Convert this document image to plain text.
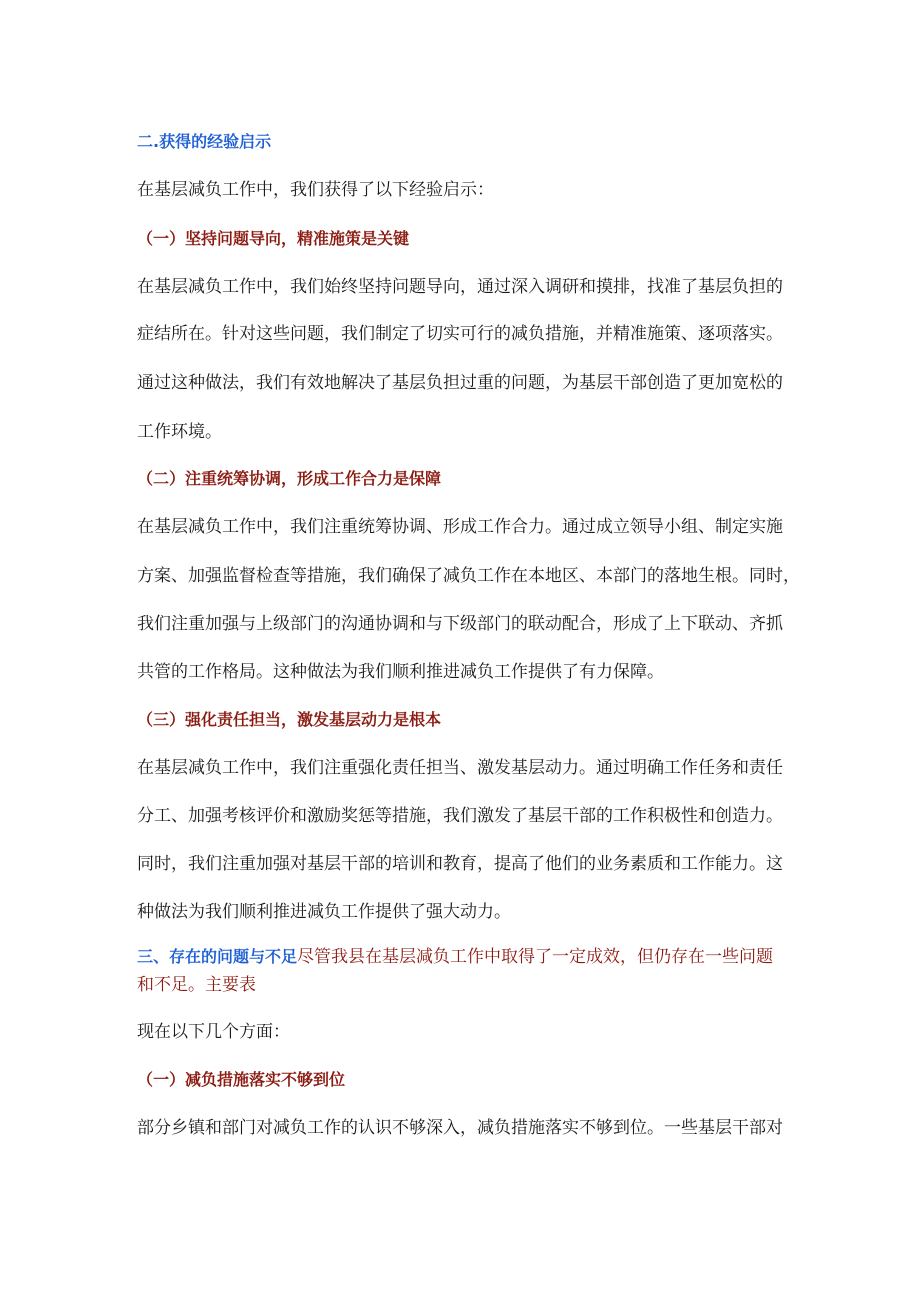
二.获得的经验启示
在基层减负工作中，我们获得了以下经验启示：
（一）坚持问题导向，精准施策是关键
在基层减负工作中，我们始终坚持问题导向，通过深入调研和摸排，找准了基层负担的
症结所在。针对这些问题，我们制定了切实可行的减负措施，并精准施策、逐项落实。
通过这种做法，我们有效地解决了基层负担过重的问题，为基层干部创造了更加宽松的
工作环境。
（二）注重统筹协调，形成工作合力是保障
在基层减负工作中，我们注重统筹协调、形成工作合力。通过成立领导小组、制定实施
方案、加强监督检查等措施，我们确保了减负工作在本地区、本部门的落地生根。同时，
我们注重加强与上级部门的沟通协调和与下级部门的联动配合，形成了上下联动、齐抓
共管的工作格局。这种做法为我们顺利推进减负工作提供了有力保障。
（三）强化责任担当，激发基层动力是根本
在基层减负工作中，我们注重强化责任担当、激发基层动力。通过明确工作任务和责任
分工、加强考核评价和激励奖惩等措施，我们激发了基层干部的工作积极性和创造力。
同时，我们注重加强对基层干部的培训和教育，提高了他们的业务素质和工作能力。这
种做法为我们顺利推进减负工作提供了强大动力。
三、存在的问题与不足尽管我县在基层减负工作中取得了一定成效，但仍存在一些问题
和不足。主要表
现在以下几个方面：
（一）减负措施落实不够到位
部分乡镇和部门对减负工作的认识不够深入，减负措施落实不够到位。一些基层干部对
